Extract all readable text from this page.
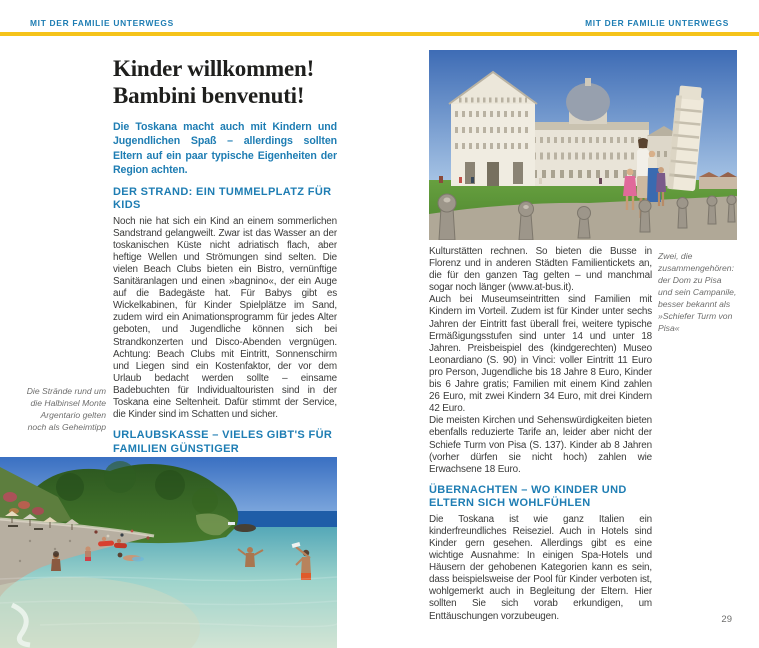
MIT DER FAMILIE UNTERWEGS	MIT DER FAMILIE UNTERWEGS
Kinder willkommen!
Bambini benvenuti!
Die Toskana macht auch mit Kindern und Jugendlichen Spaß – allerdings sollten Eltern auf ein paar typische Eigenheiten der Region achten.
DER STRAND: EIN TUMMELPLATZ FÜR KIDS
Noch nie hat sich ein Kind an einem sommerlichen Sandstrand gelangweilt. Zwar ist das Wasser an der toskanischen Küste nicht adriatisch flach, aber heftige Wellen und Strömungen sind selten. Die vielen Beach Clubs bieten ein Bistro, vernünftige Sanitäranlagen und einen »bagnino«, der ein Auge auf die Badegäste hat. Für Babys gibt es Wickelkabinen, für Kinder Spielplätze im Sand, zudem wird ein Animationsprogramm für jedes Alter geboten, und Jugendliche können sich bei Strandkonzerten und Disco-Abenden vergnügen. Achtung: Beach Clubs mit Eintritt, Sonnenschirm und Liegen sind ein Kostenfaktor, der vor dem Urlaub bedacht werden sollte – einsame Badebuchten für Individualtouristen sind in der Toskana eine Seltenheit. Dafür stimmt der Service, die Kinder sind im Schatten und sicher.
URLAUBSKASSE – VIELES GIBT'S FÜR FAMILIEN GÜNSTIGER
Die Strände rund um die Halbinsel Monte Argentario gelten noch als Geheimtipp

Kulturstätten rechnen. So bieten die Busse in Florenz und in anderen Städten Familientickets an, die für den ganzen Tag gelten – und manchmal sogar noch länger (www.at-bus.it).

Auch bei Museumseintritten sind Familien mit Kindern im Vorteil. Zudem ist für Kinder unter sechs Jahren der Eintritt fast überall frei, weitere typische Ermäßigungsstufen sind unter 14 und unter 18 Jahren. Preisbeispiel des (kindgerechten) Museo Leonardiano (S. 90) in Vinci: voller Eintritt 11 Euro pro Person, Jugendliche bis 18 Jahre 8 Euro, Kinder bis 6 Jahre gratis; Familien mit einem Kind zahlen 26 Euro, mit zwei Kindern 34 Euro, mit drei Kindern 42 Euro.

Die meisten Kirchen und Sehenswürdigkeiten bieten ebenfalls reduzierte Tarife an, leider aber nicht der Schiefe Turm von Pisa (S. 137). Kinder ab 8 Jahren (vorher dürfen sie nicht hoch) zahlen wie Erwachsene 18 Euro.

ÜBERNACHTEN – WO KINDER UND ELTERN SICH WOHLFÜHLEN
Die Toskana ist wie ganz Italien ein kinderfreundliches Reiseziel. Auch in Hotels sind Kinder gern gesehen. Allerdings gibt es eine wichtige Ausnahme: In einigen Spa-Hotels und Häusern der gehobenen Kategorien kann es sein, dass beispielsweise der Pool für Kinder verboten ist, wohlgemerkt auch in Begleitung der Eltern. Hier sollten Sie sich vorab erkundigen, um Enttäuschungen vorzubeugen.
Zwei, die zusammengehören: der Dom zu Pisa und sein Campanile, besser bekannt als »Schiefer Turm von Pisa«
29
